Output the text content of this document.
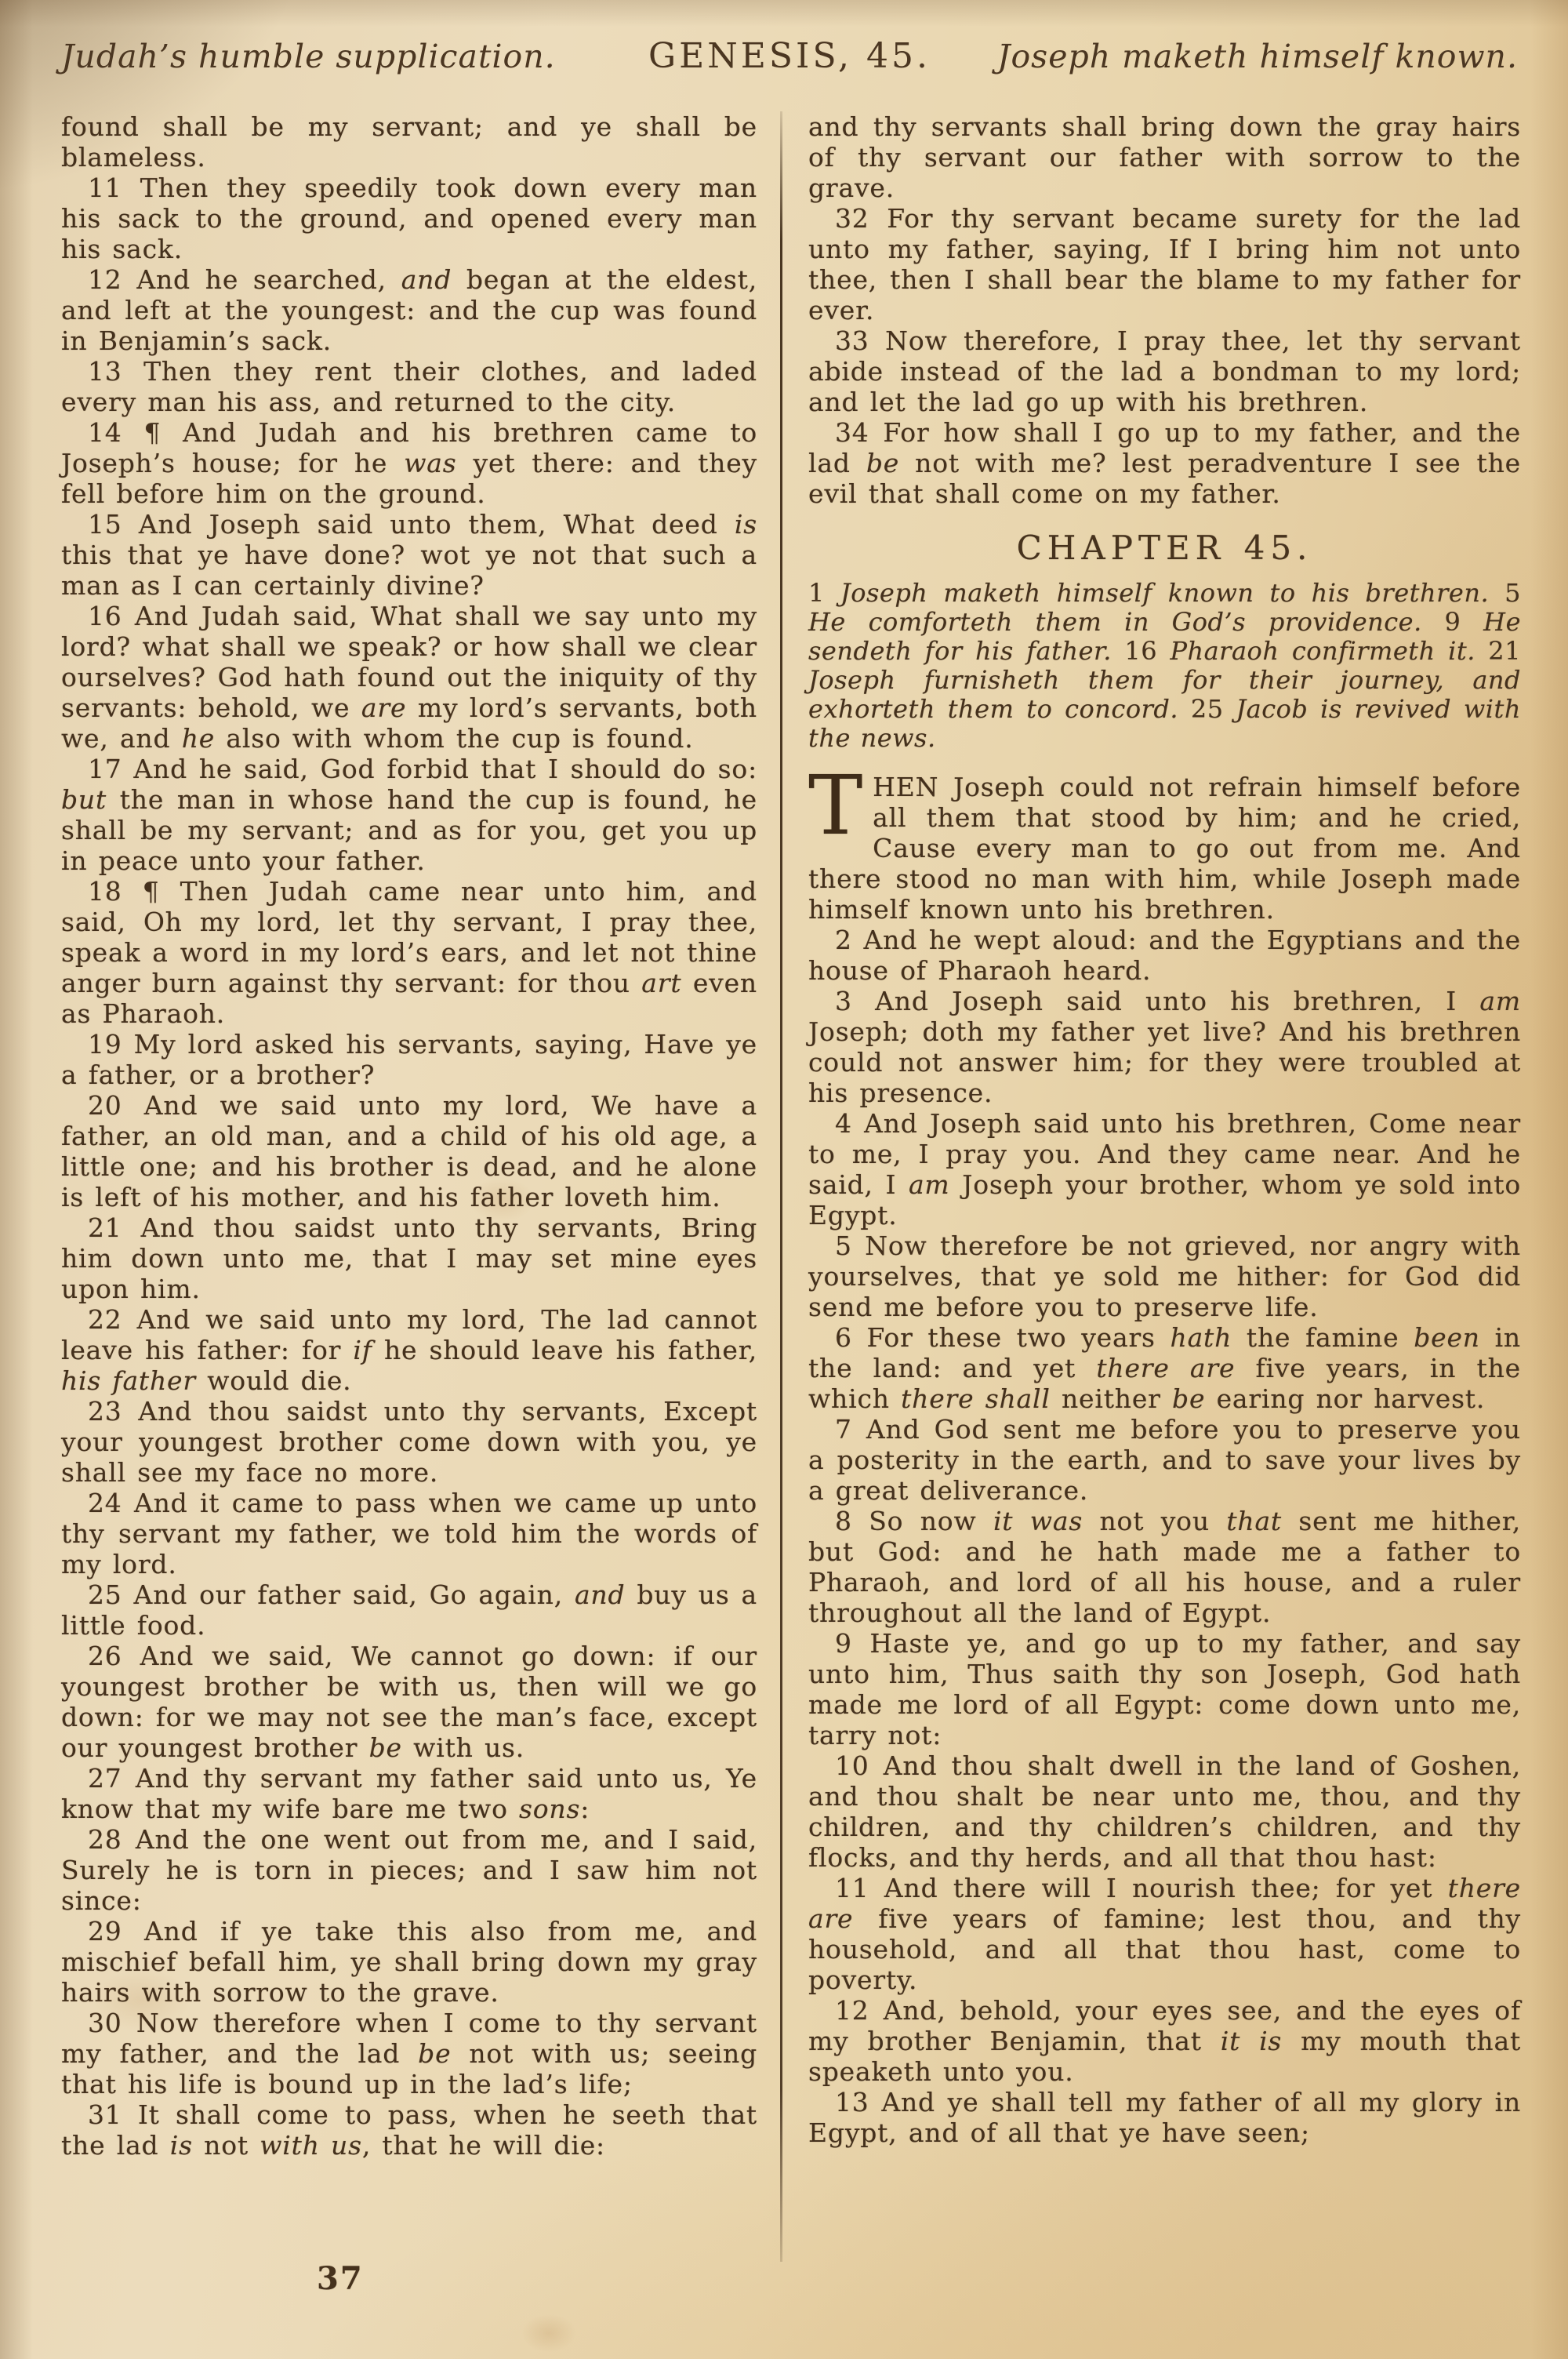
Judah’s humble supplication.	GENESIS, 45.	Joseph maketh himself known.

found shall be my servant; and ye shall be blameless.

11 Then they speedily took down every man his sack to the ground, and opened every man his sack.

12 And he searched, and began at the eldest, and left at the youngest: and the cup was found in Benjamin’s sack.

13 Then they rent their clothes, and laded every man his ass, and returned to the city.

14 ¶ And Judah and his brethren came to Joseph’s house; for he was yet there: and they fell before him on the ground.

15 And Joseph said unto them, What deed is this that ye have done? wot ye not that such a man as I can certainly divine?

16 And Judah said, What shall we say unto my lord? what shall we speak? or how shall we clear ourselves? God hath found out the iniquity of thy servants: behold, we are my lord’s servants, both we, and he also with whom the cup is found.

17 And he said, God forbid that I should do so: but the man in whose hand the cup is found, he shall be my servant; and as for you, get you up in peace unto your father.

18 ¶ Then Judah came near unto him, and said, Oh my lord, let thy servant, I pray thee, speak a word in my lord’s ears, and let not thine anger burn against thy servant: for thou art even as Pharaoh.

19 My lord asked his servants, saying, Have ye a father, or a brother?

20 And we said unto my lord, We have a father, an old man, and a child of his old age, a little one; and his brother is dead, and he alone is left of his mother, and his father loveth him.

21 And thou saidst unto thy servants, Bring him down unto me, that I may set mine eyes upon him.

22 And we said unto my lord, The lad cannot leave his father: for if he should leave his father, his father would die.

23 And thou saidst unto thy servants, Except your youngest brother come down with you, ye shall see my face no more.

24 And it came to pass when we came up unto thy servant my father, we told him the words of my lord.

25 And our father said, Go again, and buy us a little food.

26 And we said, We cannot go down: if our youngest brother be with us, then will we go down: for we may not see the man’s face, except our youngest brother be with us.

27 And thy servant my father said unto us, Ye know that my wife bare me two sons:

28 And the one went out from me, and I said, Surely he is torn in pieces; and I saw him not since:

29 And if ye take this also from me, and mischief befall him, ye shall bring down my gray hairs with sorrow to the grave.

30 Now therefore when I come to thy servant my father, and the lad be not with us; seeing that his life is bound up in the lad’s life;

31 It shall come to pass, when he seeth that the lad is not with us, that he will die:

and thy servants shall bring down the gray hairs of thy servant our father with sorrow to the grave.

32 For thy servant became surety for the lad unto my father, saying, If I bring him not unto thee, then I shall bear the blame to my father for ever.

33 Now therefore, I pray thee, let thy servant abide instead of the lad a bondman to my lord; and let the lad go up with his brethren.

34 For how shall I go up to my father, and the lad be not with me? lest peradventure I see the evil that shall come on my father.

CHAPTER 45.

1 Joseph maketh himself known to his brethren. 5 He comforteth them in God’s providence. 9 He sendeth for his father. 16 Pharaoh confirmeth it. 21 Joseph furnisheth them for their journey, and exhorteth them to concord. 25 Jacob is revived with the news.

THEN Joseph could not refrain himself before all them that stood by him; and he cried, Cause every man to go out from me. And there stood no man with him, while Joseph made himself known unto his brethren.

2 And he wept aloud: and the Egyptians and the house of Pharaoh heard.

3 And Joseph said unto his brethren, I am Joseph; doth my father yet live? And his brethren could not answer him; for they were troubled at his presence.

4 And Joseph said unto his brethren, Come near to me, I pray you. And they came near. And he said, I am Joseph your brother, whom ye sold into Egypt.

5 Now therefore be not grieved, nor angry with yourselves, that ye sold me hither: for God did send me before you to preserve life.

6 For these two years hath the famine been in the land: and yet there are five years, in the which there shall neither be earing nor harvest.

7 And God sent me before you to preserve you a posterity in the earth, and to save your lives by a great deliverance.

8 So now it was not you that sent me hither, but God: and he hath made me a father to Pharaoh, and lord of all his house, and a ruler throughout all the land of Egypt.

9 Haste ye, and go up to my father, and say unto him, Thus saith thy son Joseph, God hath made me lord of all Egypt: come down unto me, tarry not:

10 And thou shalt dwell in the land of Goshen, and thou shalt be near unto me, thou, and thy children, and thy children’s children, and thy flocks, and thy herds, and all that thou hast:

11 And there will I nourish thee; for yet there are five years of famine; lest thou, and thy household, and all that thou hast, come to poverty.

12 And, behold, your eyes see, and the eyes of my brother Benjamin, that it is my mouth that speaketh unto you.

13 And ye shall tell my father of all my glory in Egypt, and of all that ye have seen;

37
